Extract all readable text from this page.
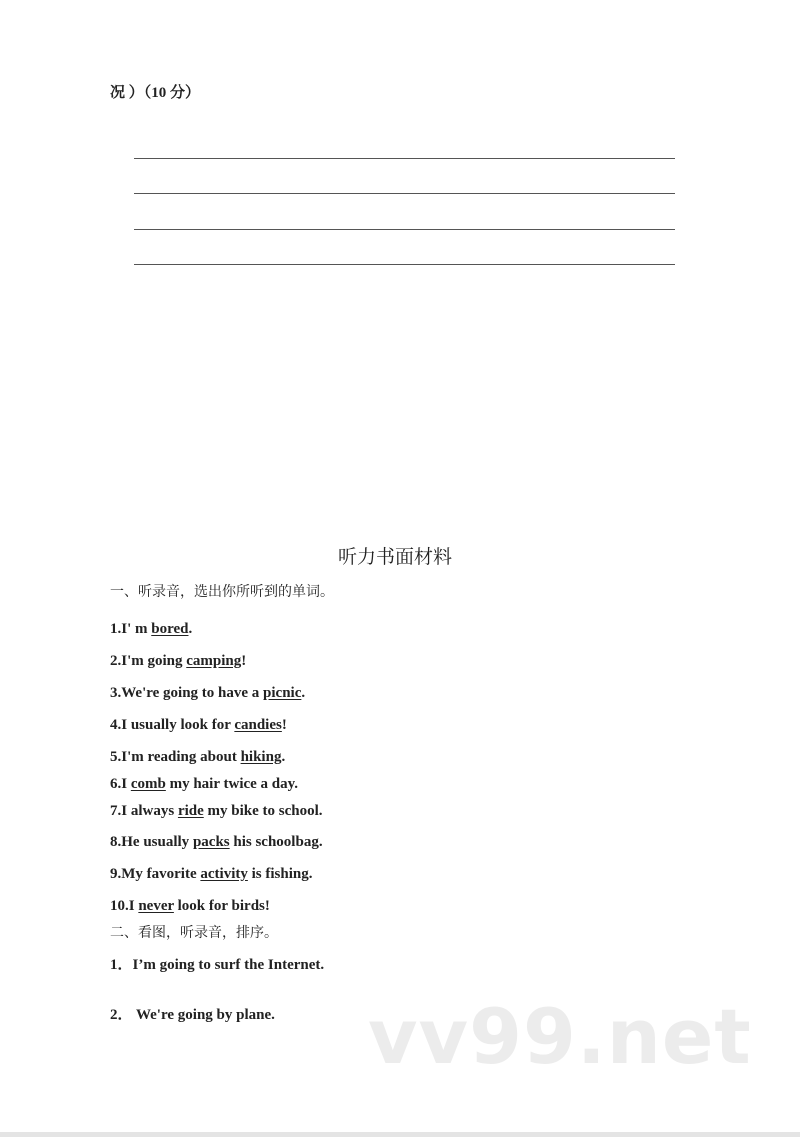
况 ）（10 分）
听力书面材料
一、听录音，选出你所听到的单词。
1.I' m bored.
2.I'm going camping!
3.We're going to have a picnic.
4.I usually look for candies!
5.I'm reading about hiking.
6.I comb my hair twice a day.
7.I always ride my bike to school.
8.He usually packs his schoolbag.
9.My favorite activity is fishing.
10.I never look for birds!
二、看图，听录音，排序。
1．I’m going to surf the Internet.
2． We're going by plane. vv99.net
